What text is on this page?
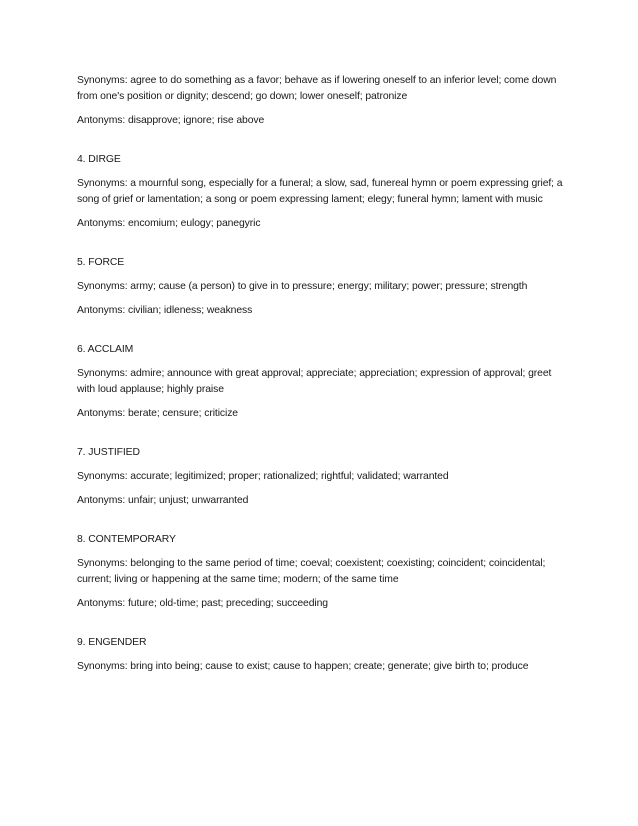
Synonyms: agree to do something as a favor; behave as if lowering oneself to an inferior level; come down from one's position or dignity; descend; go down; lower oneself; patronize

Antonyms: disapprove; ignore; rise above

4. DIRGE

Synonyms: a mournful song, especially for a funeral; a slow, sad, funereal hymn or poem expressing grief; a song of grief or lamentation; a song or poem expressing lament; elegy; funeral hymn; lament with music

Antonyms: encomium; eulogy; panegyric

5. FORCE

Synonyms: army; cause (a person) to give in to pressure; energy; military; power; pressure; strength

Antonyms: civilian; idleness; weakness

6. ACCLAIM

Synonyms: admire; announce with great approval; appreciate; appreciation; expression of approval; greet with loud applause; highly praise

Antonyms: berate; censure; criticize

7. JUSTIFIED

Synonyms: accurate; legitimized; proper; rationalized; rightful; validated; warranted

Antonyms: unfair; unjust; unwarranted

8. CONTEMPORARY

Synonyms: belonging to the same period of time; coeval; coexistent; coexisting; coincident; coincidental; current; living or happening at the same time; modern; of the same time

Antonyms: future; old-time; past; preceding; succeeding

9. ENGENDER

Synonyms: bring into being; cause to exist; cause to happen; create; generate; give birth to; produce
